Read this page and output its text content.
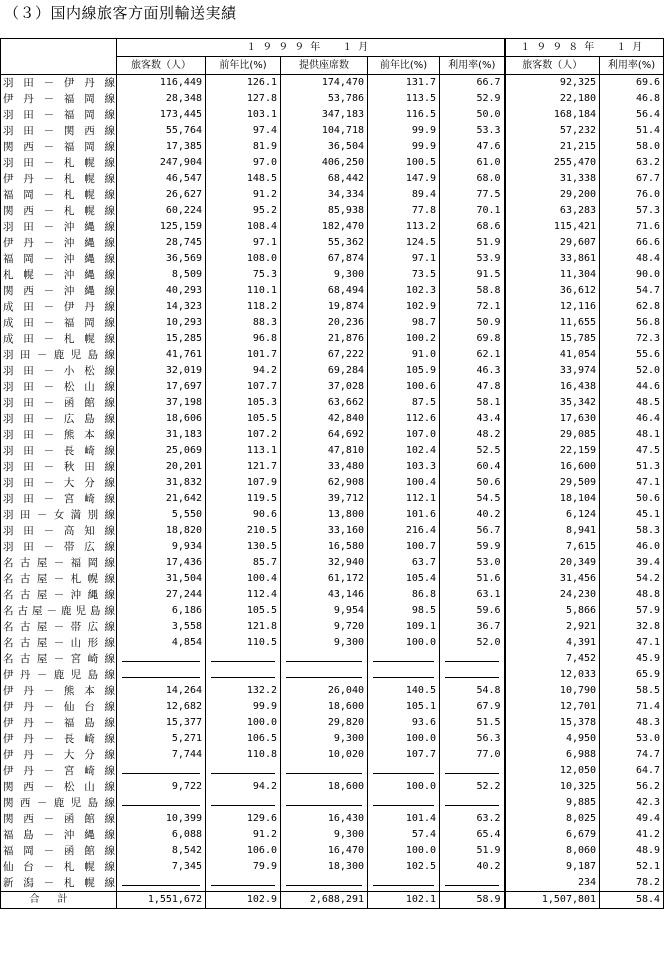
（３）国内線旅客方面別輸送実績
	１９９９年　１月					１９９８年　１月	
	旅客数（人）	前年比(%)	提供座席数	前年比(%)	利用率(%)	旅客数（人）	利用率(%)
羽田－伊丹線	116,449	126.1	174,470	131.7	66.7	92,325	69.6
伊丹－福岡線	28,348	127.8	53,786	113.5	52.9	22,180	46.8
羽田－福岡線	173,445	103.1	347,183	116.5	50.0	168,184	56.4
羽田－関西線	55,764	97.4	104,718	99.9	53.3	57,232	51.4
関西－福岡線	17,385	81.9	36,504	99.9	47.6	21,215	58.0
羽田－札幌線	247,904	97.0	406,250	100.5	61.0	255,470	63.2
伊丹－札幌線	46,547	148.5	68,442	147.9	68.0	31,338	67.7
福岡－札幌線	26,627	91.2	34,334	89.4	77.5	29,200	76.0
関西－札幌線	60,224	95.2	85,938	77.8	70.1	63,283	57.3
羽田－沖縄線	125,159	108.4	182,470	113.2	68.6	115,421	71.6
伊丹－沖縄線	28,745	97.1	55,362	124.5	51.9	29,607	66.6
福岡－沖縄線	36,569	108.0	67,874	97.1	53.9	33,861	48.4
札幌－沖縄線	8,509	75.3	9,300	73.5	91.5	11,304	90.0
関西－沖縄線	40,293	110.1	68,494	102.3	58.8	36,612	54.7
成田－伊丹線	14,323	118.2	19,874	102.9	72.1	12,116	62.8
成田－福岡線	10,293	88.3	20,236	98.7	50.9	11,655	56.8
成田－札幌線	15,285	96.8	21,876	100.2	69.8	15,785	72.3
羽田－鹿児島線	41,761	101.7	67,222	91.0	62.1	41,054	55.6
羽田－小松線	32,019	94.2	69,284	105.9	46.3	33,974	52.0
羽田－松山線	17,697	107.7	37,028	100.6	47.8	16,438	44.6
羽田－函館線	37,198	105.3	63,662	87.5	58.1	35,342	48.5
羽田－広島線	18,606	105.5	42,840	112.6	43.4	17,630	46.4
羽田－熊本線	31,183	107.2	64,692	107.0	48.2	29,085	48.1
羽田－長崎線	25,069	113.1	47,810	102.4	52.5	22,159	47.5
羽田－秋田線	20,201	121.7	33,480	103.3	60.4	16,600	51.3
羽田－大分線	31,832	107.9	62,908	100.4	50.6	29,509	47.1
羽田－宮崎線	21,642	119.5	39,712	112.1	54.5	18,104	50.6
羽田－女満別線	5,550	90.6	13,800	101.6	40.2	6,124	45.1
羽田－高知線	18,820	210.5	33,160	216.4	56.7	8,941	58.3
羽田－帯広線	9,934	130.5	16,580	100.7	59.9	7,615	46.0
名古屋－福岡線	17,436	85.7	32,940	63.7	53.0	20,349	39.4
名古屋－札幌線	31,504	100.4	61,172	105.4	51.6	31,456	54.2
名古屋－沖縄線	27,244	112.4	43,146	86.8	63.1	24,230	48.8
名古屋－鹿児島線	6,186	105.5	9,954	98.5	59.6	5,866	57.9
名古屋－帯広線	3,558	121.8	9,720	109.1	36.7	2,921	32.8
名古屋－山形線	4,854	110.5	9,300	100.0	52.0	4,391	47.1
名古屋－宮崎線						7,452	45.9
伊丹－鹿児島線						12,033	65.9
伊丹－熊本線	14,264	132.2	26,040	140.5	54.8	10,790	58.5
伊丹－仙台線	12,682	99.9	18,600	105.1	67.9	12,701	71.4
伊丹－福島線	15,377	100.0	29,820	93.6	51.5	15,378	48.3
伊丹－長崎線	5,271	106.5	9,300	100.0	56.3	4,950	53.0
伊丹－大分線	7,744	110.8	10,020	107.7	77.0	6,988	74.7
伊丹－宮崎線						12,050	64.7
関西－松山線	9,722	94.2	18,600	100.0	52.2	10,325	56.2
関西－鹿児島線						9,885	42.3
関西－函館線	10,399	129.6	16,430	101.4	63.2	8,025	49.4
福島－沖縄線	6,088	91.2	9,300	57.4	65.4	6,679	41.2
福岡－函館線	8,542	106.0	16,470	100.0	51.9	8,060	48.9
仙台－札幌線	7,345	79.9	18,300	102.5	40.2	9,187	52.1
新潟－札幌線						234	78.2
合計	1,551,672	102.9	2,688,291	102.1	58.9	1,507,801	58.4
